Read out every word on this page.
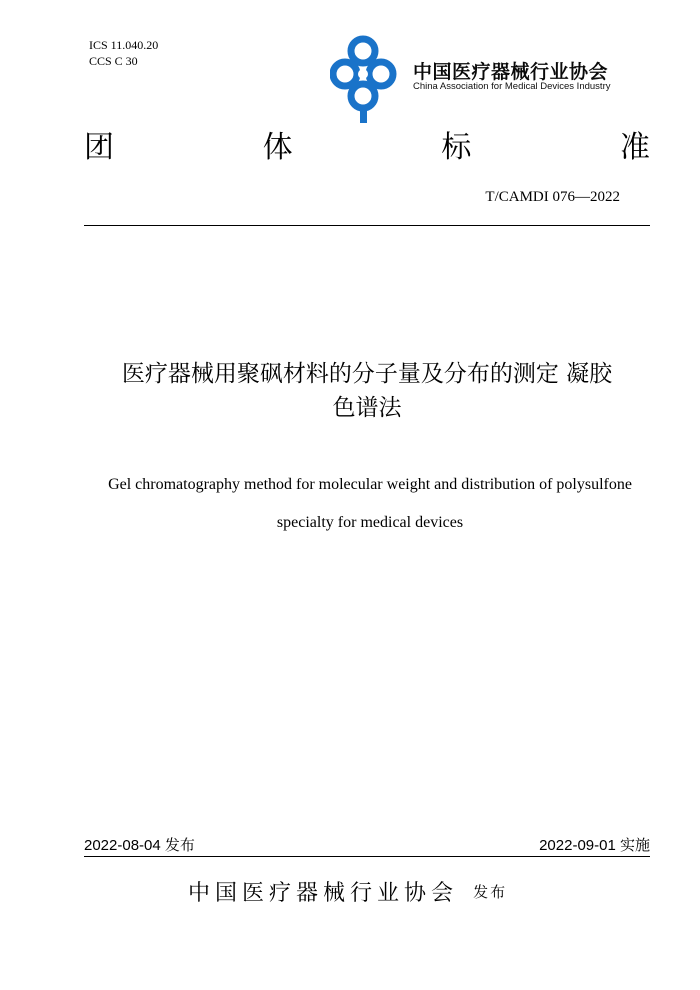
ICS 11.040.20
CCS C 30	中国医疗器械行业协会
China Association for Medical Devices Industry
团	体	标	准
T/CAMDI 076—2022
医疗器械用聚砜材料的分子量及分布的测定 凝胶
色谱法
Gel chromatography method for molecular weight and distribution of polysulfone
specialty for medical devices
2022-08-04 发布	2022-09-01 实施
中国医疗器械行业协会 发布
